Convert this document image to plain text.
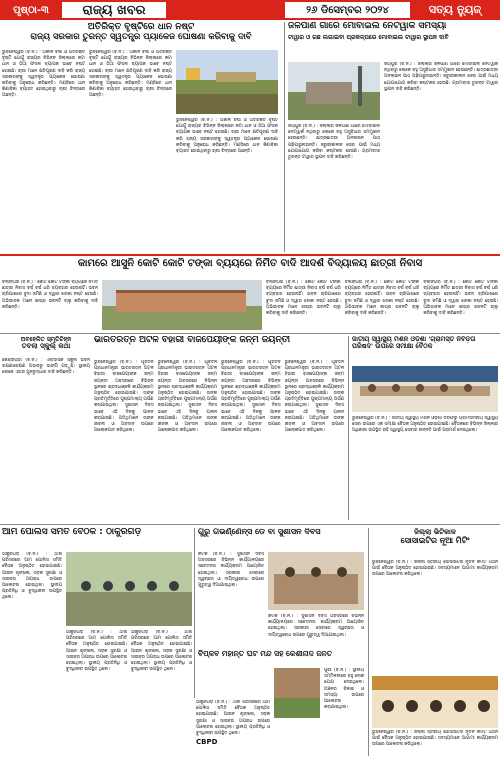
ପୃଷ୍ଠା-୩	ରାଜ୍ୟ ଖବର	୨୬ ଡିସେମ୍ବର ୨୦୨୪	ସତ୍ୟ ନ୍ୟୁଜ୍
ଅତିରିକ୍ତ ବୃଷ୍ଟିରେ ଧାନ ନଷ୍ଟ
ରାଜ୍ୟ ସରକାର ତୁରନ୍ତ ସ୍ୱତନ୍ତ୍ର ପ୍ୟାକେଜ ଘୋଷଣା କରିବାକୁ ଦାବି
ଭୁବନେଶ୍ୱର (ବି.ନ.) : ଅକାଳ ବର୍ଷା ଓ ଅତିରିକ୍ତ ବୃଷ୍ଟି ଯୋଗୁଁ ରାଜ୍ୟର ବିଭିନ୍ନ ଜିଲ୍ଲାରେ କଟା ଧାନ ଓ ଠିଆ ଫସଲ ବ୍ୟାପକ ଭାବେ ନଷ୍ଟ ହୋଇଛି। ଚାଷୀ ମାନେ କ୍ଷତିପୂରଣ ଦାବି କରି ରାଜ୍ୟ ସରକାରଙ୍କୁ ସ୍ୱତନ୍ତ୍ର ପ୍ୟାକେଜ ଘୋଷଣା କରିବାକୁ ଅନୁରୋଧ କରିଛନ୍ତି। ମଣ୍ଡିରେ ଧାନ କିଣାବିକା ବ୍ୟାହତ ହୋଇଥିବାରୁ ଚାଷୀ ଚିନ୍ତାରେ ଅଛନ୍ତି।
ଭୁବନେଶ୍ୱର (ବି.ନ.) : ଅକାଳ ବର୍ଷା ଓ ଅତିରିକ୍ତ ବୃଷ୍ଟି ଯୋଗୁଁ ରାଜ୍ୟର ବିଭିନ୍ନ ଜିଲ୍ଲାରେ କଟା ଧାନ ଓ ଠିଆ ଫସଲ ବ୍ୟାପକ ଭାବେ ନଷ୍ଟ ହୋଇଛି। ଚାଷୀ ମାନେ କ୍ଷତିପୂରଣ ଦାବି କରି ରାଜ୍ୟ ସରକାରଙ୍କୁ ସ୍ୱତନ୍ତ୍ର ପ୍ୟାକେଜ ଘୋଷଣା କରିବାକୁ ଅନୁରୋଧ କରିଛନ୍ତି। ମଣ୍ଡିରେ ଧାନ କିଣାବିକା ବ୍ୟାହତ ହୋଇଥିବାରୁ ଚାଷୀ ଚିନ୍ତାରେ ଅଛନ୍ତି।
ଭୁବନେଶ୍ୱର (ବି.ନ.) : ଅକାଳ ବର୍ଷା ଓ ଅତିରିକ୍ତ ବୃଷ୍ଟି ଯୋଗୁଁ ରାଜ୍ୟର ବିଭିନ୍ନ ଜିଲ୍ଲାରେ କଟା ଧାନ ଓ ଠିଆ ଫସଲ ବ୍ୟାପକ ଭାବେ ନଷ୍ଟ ହୋଇଛି। ଚାଷୀ ମାନେ କ୍ଷତିପୂରଣ ଦାବି କରି ରାଜ୍ୟ ସରକାରଙ୍କୁ ସ୍ୱତନ୍ତ୍ର ପ୍ୟାକେଜ ଘୋଷଣା କରିବାକୁ ଅନୁରୋଧ କରିଛନ୍ତି। ମଣ୍ଡିରେ ଧାନ କିଣାବିକା ବ୍ୟାହତ ହୋଇଥିବାରୁ ଚାଷୀ ଚିନ୍ତାରେ ଅଛନ୍ତି।
ଜଳପାଣି ଗାଁରେ ମୋବାଇଲ ନେଟୱାର୍କ ସମସ୍ୟା
ଟାୱାର ଓ ଗଛ ଲଗାଇବା ପ୍ରକଳ୍ପରେ ମୋବାଇଲ ଟାୱାର ସ୍ଥାପନ ଦାବି
ଜୟପୁର (ବି.ନ.) : ଜିଲ୍ଲାର ଜଳପାଣି ଗାଁରେ ମୋବାଇଲ ନେଟୱାର୍କ ନଥିବାରୁ ଲୋକେ ବହୁ ଅସୁବିଧାର ସମ୍ମୁଖୀନ ହେଉଛନ୍ତି। ଛାତ୍ରଛାତ୍ରୀ ଅନଲାଇନ ପାଠ ପଢ଼ିପାରୁନାହାନ୍ତି। ଜରୁରୀକାଳୀନ ସେବା ପାଇଁ ମଧ୍ୟ ଯୋଗାଯୋଗ କରିବା କଷ୍ଟକର ହେଉଛି। ଗ୍ରାମବାସୀ ତୁରନ୍ତ ଟାୱାର ସ୍ଥାପନ ଦାବି କରିଛନ୍ତି।
ଜୟପୁର (ବି.ନ.) : ଜିଲ୍ଲାର ଜଳପାଣି ଗାଁରେ ମୋବାଇଲ ନେଟୱାର୍କ ନଥିବାରୁ ଲୋକେ ବହୁ ଅସୁବିଧାର ସମ୍ମୁଖୀନ ହେଉଛନ୍ତି। ଛାତ୍ରଛାତ୍ରୀ ଅନଲାଇନ ପାଠ ପଢ଼ିପାରୁନାହାନ୍ତି। ଜରୁରୀକାଳୀନ ସେବା ପାଇଁ ମଧ୍ୟ ଯୋଗାଯୋଗ କରିବା କଷ୍ଟକର ହେଉଛି। ଗ୍ରାମବାସୀ ତୁରନ୍ତ ଟାୱାର ସ୍ଥାପନ ଦାବି କରିଛନ୍ତି।
କାମରେ ଆସୁନି କୋଟି କୋଟି ଟଙ୍କା ବ୍ୟୟରେ ନିର୍ମିତ ବାଦି ଆଦର୍ଶ ବିଦ୍ୟାଳୟ ଛାତ୍ରୀ ନିବାସ
ବଲାଙ୍ଗିର (ବି.ନ.) : କୋଟି କୋଟି ଟଙ୍କା ବ୍ୟୟରେ ନିର୍ମିତ ଛାତ୍ରୀ ନିବାସ ବର୍ଷ ବର୍ଷ ଧରି ବ୍ୟବହାର ହେଉନାହିଁ। ଭବନ ଚାରିପାଖରେ ବୁଦା ଜମିଛି ଓ ଦ୍ୱାର ଝରକା ନଷ୍ଟ ହେଉଛି। ଅଭିଭାବକ ମାନେ ଶୀଘ୍ର ଭବନଟି ଚାଲୁ କରିବାକୁ ଦାବି କରିଛନ୍ତି।
ବଲାଙ୍ଗିର (ବି.ନ.) : କୋଟି କୋଟି ଟଙ୍କା ବ୍ୟୟରେ ନିର୍ମିତ ଛାତ୍ରୀ ନିବାସ ବର୍ଷ ବର୍ଷ ଧରି ବ୍ୟବହାର ହେଉନାହିଁ। ଭବନ ଚାରିପାଖରେ ବୁଦା ଜମିଛି ଓ ଦ୍ୱାର ଝରକା ନଷ୍ଟ ହେଉଛି। ଅଭିଭାବକ ମାନେ ଶୀଘ୍ର ଭବନଟି ଚାଲୁ କରିବାକୁ ଦାବି କରିଛନ୍ତି।
ବଲାଙ୍ଗିର (ବି.ନ.) : କୋଟି କୋଟି ଟଙ୍କା ବ୍ୟୟରେ ନିର୍ମିତ ଛାତ୍ରୀ ନିବାସ ବର୍ଷ ବର୍ଷ ଧରି ବ୍ୟବହାର ହେଉନାହିଁ। ଭବନ ଚାରିପାଖରେ ବୁଦା ଜମିଛି ଓ ଦ୍ୱାର ଝରକା ନଷ୍ଟ ହେଉଛି। ଅଭିଭାବକ ମାନେ ଶୀଘ୍ର ଭବନଟି ଚାଲୁ କରିବାକୁ ଦାବି କରିଛନ୍ତି।
ବଲାଙ୍ଗିର (ବି.ନ.) : କୋଟି କୋଟି ଟଙ୍କା ବ୍ୟୟରେ ନିର୍ମିତ ଛାତ୍ରୀ ନିବାସ ବର୍ଷ ବର୍ଷ ଧରି ବ୍ୟବହାର ହେଉନାହିଁ। ଭବନ ଚାରିପାଖରେ ବୁଦା ଜମିଛି ଓ ଦ୍ୱାର ଝରକା ନଷ୍ଟ ହେଉଛି। ଅଭିଭାବକ ମାନେ ଶୀଘ୍ର ଭବନଟି ଚାଲୁ କରିବାକୁ ଦାବି କରିଛନ୍ତି।
ଅବହେଳିତ ସ୍ମୃତିଚିହ୍ନ
ତବଲା ସ୍କୁଲ୍ କଥା
କେନ୍ଦ୍ରାପଡ଼ା (ବି.ନ.) : ଐତିହାସିକ ସ୍କୁଲ ଭବନ ରକ୍ଷଣାବେକ୍ଷଣ ଅଭାବରୁ ଭାଙ୍ଗି ପଡ଼ୁଛି। ସ୍ଥାନୀୟ ଲୋକେ ଏହାର ପୁନରୁଦ୍ଧାର ଦାବି କରିଛନ୍ତି।
ଭାରତରତ୍ନ ଅଟଳ ବିହାରୀ ବାଜପେୟୀଙ୍କ ଜନ୍ମ ଜୟନ୍ତୀ
ଭୁବନେଶ୍ୱର (ବି.ନ.) : ପୂର୍ବତନ ପ୍ରଧାନମନ୍ତ୍ରୀ ଭାରତରତ୍ନ ଅଟଳ ବିହାରୀ ବାଜପେୟୀଙ୍କ ଜନ୍ମ ଜୟନ୍ତୀ ଅବସରରେ ବିଭିନ୍ନ ସ୍ଥାନରେ ଶ୍ରଦ୍ଧାଞ୍ଜଳି କାର୍ଯ୍ୟକ୍ରମ ଅନୁଷ୍ଠିତ ହୋଇଯାଇଛି। ତାଙ୍କ ପ୍ରତିମୂର୍ତ୍ତିରେ ପୁଷ୍ପମାଲ୍ୟ ଅର୍ପଣ କରାଯାଇଥିଲା। ସୁଶାସନ ଦିବସ ଭାବେ ଏହି ଦିନକୁ ପାଳନ କରାଯାଇଛି। ଅତିଥିମାନେ ତାଙ୍କ ଜୀବନୀ ଓ ଅବଦାନ ଉପରେ ଆଲୋକପାତ କରିଥିଲେ।
ଭୁବନେଶ୍ୱର (ବି.ନ.) : ପୂର୍ବତନ ପ୍ରଧାନମନ୍ତ୍ରୀ ଭାରତରତ୍ନ ଅଟଳ ବିହାରୀ ବାଜପେୟୀଙ୍କ ଜନ୍ମ ଜୟନ୍ତୀ ଅବସରରେ ବିଭିନ୍ନ ସ୍ଥାନରେ ଶ୍ରଦ୍ଧାଞ୍ଜଳି କାର୍ଯ୍ୟକ୍ରମ ଅନୁଷ୍ଠିତ ହୋଇଯାଇଛି। ତାଙ୍କ ପ୍ରତିମୂର୍ତ୍ତିରେ ପୁଷ୍ପମାଲ୍ୟ ଅର୍ପଣ କରାଯାଇଥିଲା। ସୁଶାସନ ଦିବସ ଭାବେ ଏହି ଦିନକୁ ପାଳନ କରାଯାଇଛି। ଅତିଥିମାନେ ତାଙ୍କ ଜୀବନୀ ଓ ଅବଦାନ ଉପରେ ଆଲୋକପାତ କରିଥିଲେ।
ଭୁବନେଶ୍ୱର (ବି.ନ.) : ପୂର୍ବତନ ପ୍ରଧାନମନ୍ତ୍ରୀ ଭାରତରତ୍ନ ଅଟଳ ବିହାରୀ ବାଜପେୟୀଙ୍କ ଜନ୍ମ ଜୟନ୍ତୀ ଅବସରରେ ବିଭିନ୍ନ ସ୍ଥାନରେ ଶ୍ରଦ୍ଧାଞ୍ଜଳି କାର୍ଯ୍ୟକ୍ରମ ଅନୁଷ୍ଠିତ ହୋଇଯାଇଛି। ତାଙ୍କ ପ୍ରତିମୂର୍ତ୍ତିରେ ପୁଷ୍ପମାଲ୍ୟ ଅର୍ପଣ କରାଯାଇଥିଲା। ସୁଶାସନ ଦିବସ ଭାବେ ଏହି ଦିନକୁ ପାଳନ କରାଯାଇଛି। ଅତିଥିମାନେ ତାଙ୍କ ଜୀବନୀ ଓ ଅବଦାନ ଉପରେ ଆଲୋକପାତ କରିଥିଲେ।
ଭୁବନେଶ୍ୱର (ବି.ନ.) : ପୂର୍ବତନ ପ୍ରଧାନମନ୍ତ୍ରୀ ଭାରତରତ୍ନ ଅଟଳ ବିହାରୀ ବାଜପେୟୀଙ୍କ ଜନ୍ମ ଜୟନ୍ତୀ ଅବସରରେ ବିଭିନ୍ନ ସ୍ଥାନରେ ଶ୍ରଦ୍ଧାଞ୍ଜଳି କାର୍ଯ୍ୟକ୍ରମ ଅନୁଷ୍ଠିତ ହୋଇଯାଇଛି। ତାଙ୍କ ପ୍ରତିମୂର୍ତ୍ତିରେ ପୁଷ୍ପମାଲ୍ୟ ଅର୍ପଣ କରାଯାଇଥିଲା। ସୁଶାସନ ଦିବସ ଭାବେ ଏହି ଦିନକୁ ପାଳନ କରାଯାଇଛି। ଅତିଥିମାନେ ତାଙ୍କ ଜୀବନୀ ଓ ଅବଦାନ ଉପରେ ଆଲୋକପାତ କରିଥିଲେ।
ଜାତୀୟ ସ୍ୱାସ୍ଥ୍ୟ ମିଶନ ଓଡ଼ିଶା 'ଗ୍ରାମସ୍ତ ନିବିଡ଼ତା ପରିଷଦ' ଉପରେ ସମୀକ୍ଷା ବୈଠକ
ଭୁବନେଶ୍ୱର (ବି.ନ.) : ଜାତୀୟ ସ୍ୱାସ୍ଥ୍ୟ ମିଶନ ଓଡ଼ିଶା ତରଫରୁ ଗ୍ରାମସ୍ତରୀୟ ସ୍ୱାସ୍ଥ୍ୟ ସେବା ଉପରେ ଏକ ସମୀକ୍ଷା ବୈଠକ ଅନୁଷ୍ଠିତ ହୋଇଯାଇଛି। ବୈଠକରେ ବିଭିନ୍ନ ଜିଲ୍ଲାର ଅଧିକାରୀ ଉପସ୍ଥିତ ରହି ସ୍ୱାସ୍ଥ୍ୟ ସେବାର ଉନ୍ନତି ପାଇଁ ପରାମର୍ଶ ଦେଇଥିଲେ।
ଆମ ପୋଲିସ ସମିତି ବୈଠକ : ଠାକୁରଗଡ଼
ଠାକୁରଗଡ଼ (ବି.ନ.) : ଥାନା ପରିସରରେ ଆମ ପୋଲିସ ସମିତି ବୈଠକ ଅନୁଷ୍ଠିତ ହୋଇଯାଇଛି। ଆଇନ ଶୃଙ୍ଖଳା, ସଡ଼କ ସୁରକ୍ଷା ଓ ସାଇବର ଅପରାଧ ଉପରେ ଆଲୋଚନା ହୋଇଥିଲା। ସ୍ଥାନୀୟ ପ୍ରତିନିଧି ଓ ବୁଦ୍ଧିଜୀବୀ ଉପସ୍ଥିତ ଥିଲେ।
ଠାକୁରଗଡ଼ (ବି.ନ.) : ଥାନା ପରିସରରେ ଆମ ପୋଲିସ ସମିତି ବୈଠକ ଅନୁଷ୍ଠିତ ହୋଇଯାଇଛି। ଆଇନ ଶୃଙ୍ଖଳା, ସଡ଼କ ସୁରକ୍ଷା ଓ ସାଇବର ଅପରାଧ ଉପରେ ଆଲୋଚନା ହୋଇଥିଲା। ସ୍ଥାନୀୟ ପ୍ରତିନିଧି ଓ ବୁଦ୍ଧିଜୀବୀ ଉପସ୍ଥିତ ଥିଲେ।
ଠାକୁରଗଡ଼ (ବି.ନ.) : ଥାନା ପରିସରରେ ଆମ ପୋଲିସ ସମିତି ବୈଠକ ଅନୁଷ୍ଠିତ ହୋଇଯାଇଛି। ଆଇନ ଶୃଙ୍ଖଳା, ସଡ଼କ ସୁରକ୍ଷା ଓ ସାଇବର ଅପରାଧ ଉପରେ ଆଲୋଚନା ହୋଇଥିଲା। ସ୍ଥାନୀୟ ପ୍ରତିନିଧି ଓ ବୁଦ୍ଧିଜୀବୀ ଉପସ୍ଥିତ ଥିଲେ।
ଠାକୁରଗଡ଼ (ବି.ନ.) : ଥାନା ପରିସରରେ ଆମ ପୋଲିସ ସମିତି ବୈଠକ ଅନୁଷ୍ଠିତ ହୋଇଯାଇଛି। ଆଇନ ଶୃଙ୍ଖଳା, ସଡ଼କ ସୁରକ୍ଷା ଓ ସାଇବର ଅପରାଧ ଉପରେ ଆଲୋଚନା ହୋଇଥିଲା। ସ୍ଥାନୀୟ ପ୍ରତିନିଧି ଓ ବୁଦ୍ଧିଜୀବୀ ଉପସ୍ଥିତ ଥିଲେ।
CBPD
ଗୁରୁ ଗଭର୍ଣ୍ଣେନ୍ସ ଡେ ବା ସୁଶାସନ ଦିବସ
କଟକ (ବି.ନ.) : ସୁଶାସନ ଦିବସ ଅବସରରେ ବିଭିନ୍ନ କାର୍ଯ୍ୟାଳୟରେ ସଚେତନତା କାର୍ଯ୍ୟକ୍ରମ ଆୟୋଜିତ ହୋଇଥିଲା। ସରକାରୀ ସେବାରେ ସ୍ୱଚ୍ଛତା ଓ ଦାୟିତ୍ୱବୋଧ ଉପରେ ଗୁରୁତ୍ୱ ଦିଆଯାଇଥିଲା।
କଟକ (ବି.ନ.) : ସୁଶାସନ ଦିବସ ଅବସରରେ ବିଭିନ୍ନ କାର୍ଯ୍ୟାଳୟରେ ସଚେତନତା କାର୍ଯ୍ୟକ୍ରମ ଆୟୋଜିତ ହୋଇଥିଲା। ସରକାରୀ ସେବାରେ ସ୍ୱଚ୍ଛତା ଓ ଦାୟିତ୍ୱବୋଧ ଉପରେ ଗୁରୁତ୍ୱ ଦିଆଯାଇଥିଲା।
ବିପ୍ଳବ ମହାନ୍ତ ଘଟ ମନ୍ଦ ସହ କେଶୀନାଦ ଜନତ
ପୁରୀ (ବି.ନ.) : ସ୍ଥାନୀୟ ସମ୍ମିଳନୀରେ ବହୁ ଲୋକ ଯୋଗ ଦେଇଥିଲେ। ଅଞ୍ଚଳର ବିକାଶ ଓ ସମସ୍ୟା ଉପରେ ଆଲୋଚନା କରାଯାଇଥିଲା।
ଜିଲ୍ଲା ଭିଟିକାଳ
ସୋସାଇଟିର ନୂଆ ମିଟିଂ
ଭୁବନେଶ୍ୱର (ବି.ନ.) : ଜିଲ୍ଲା ସ୍ତରୀୟ ସୋସାଇଟିର ନୂତନ କମିଟି ଗଠନ ପାଇଁ ବୈଠକ ଅନୁଷ୍ଠିତ ହୋଇଯାଇଛି। ସଦସ୍ୟମାନେ ଆଗାମୀ କାର୍ଯ୍ୟକ୍ରମ ଉପରେ ଆଲୋଚନା କରିଥିଲେ।
ଭୁବନେଶ୍ୱର (ବି.ନ.) : ଜିଲ୍ଲା ସ୍ତରୀୟ ସୋସାଇଟିର ନୂତନ କମିଟି ଗଠନ ପାଇଁ ବୈଠକ ଅନୁଷ୍ଠିତ ହୋଇଯାଇଛି। ସଦସ୍ୟମାନେ ଆଗାମୀ କାର୍ଯ୍ୟକ୍ରମ ଉପରେ ଆଲୋଚନା କରିଥିଲେ।
